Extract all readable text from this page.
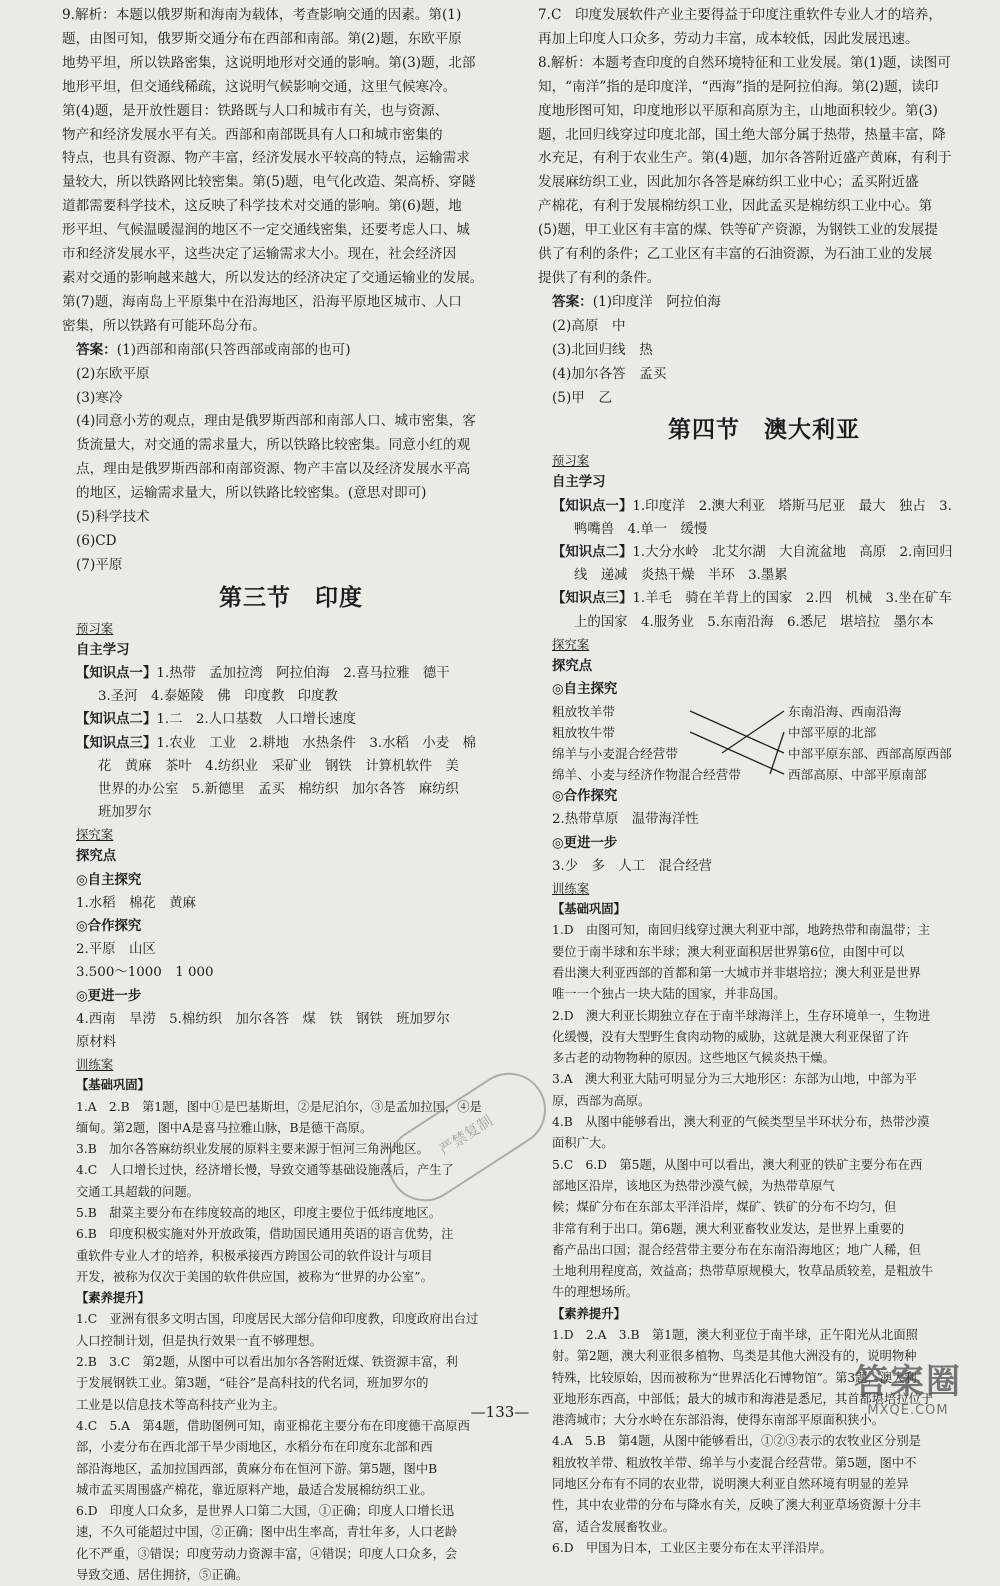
9.解析：本题以俄罗斯和海南为载体，考查影响交通的因素。第(1)

题，由图可知，俄罗斯交通分布在西部和南部。第(2)题，东欧平原

地势平坦，所以铁路密集，这说明地形对交通的影响。第(3)题，北部

地形平坦，但交通线稀疏，这说明气候影响交通，这里气候寒冷。

第(4)题，是开放性题目：铁路既与人口和城市有关，也与资源、

物产和经济发展水平有关。西部和南部既具有人口和城市密集的

特点，也具有资源、物产丰富，经济发展水平较高的特点，运输需求

量较大，所以铁路网比较密集。第(5)题，电气化改造、架高桥、穿隧

道都需要科学技术，这反映了科学技术对交通的影响。第(6)题，地

形平坦、气候温暖湿润的地区不一定交通线密集，还要考虑人口、城

市和经济发展水平，这些决定了运输需求大小。现在，社会经济因

素对交通的影响越来越大，所以发达的经济决定了交通运输业的发展。

第(7)题，海南岛上平原集中在沿海地区，沿海平原地区城市、人口

密集，所以铁路有可能环岛分布。

答案：(1)西部和南部(只答西部或南部的也可)

(2)东欧平原

(3)寒冷

(4)同意小芳的观点，理由是俄罗斯西部和南部人口、城市密集，客

货流量大，对交通的需求量大，所以铁路比较密集。同意小红的观

点，理由是俄罗斯西部和南部资源、物产丰富以及经济发展水平高

的地区，运输需求量大，所以铁路比较密集。(意思对即可)

(5)科学技术

(6)CD

(7)平原

第三节　印度

预习案

自主学习

【知识点一】1.热带　孟加拉湾　阿拉伯海　2.喜马拉雅　德干

3.圣河　4.泰姬陵　佛　印度教　印度教

【知识点二】1.二　2.人口基数　人口增长速度

【知识点三】1.农业　工业　2.耕地　水热条件　3.水稻　小麦　棉

花　黄麻　茶叶　4.纺织业　采矿业　钢铁　计算机软件　美

世界的办公室　5.新德里　孟买　棉纺织　加尔各答　麻纺织

班加罗尔

探究案

探究点

◎自主探究

1.水稻　棉花　黄麻

◎合作探究

2.平原　山区

3.500～1000　1 000

◎更进一步

4.西南　旱涝　5.棉纺织　加尔各答　煤　铁　钢铁　班加罗尔

原材料

训练案

【基础巩固】

1.A　2.B　第1题，图中①是巴基斯坦，②是尼泊尔，③是孟加拉国，④是

缅甸。第2题，图中A是喜马拉雅山脉，B是德干高原。

3.B　加尔各答麻纺织业发展的原料主要来源于恒河三角洲地区。

4.C　人口增长过快，经济增长慢，导致交通等基础设施落后，产生了

交通工具超载的问题。

5.B　甜菜主要分布在纬度较高的地区，印度主要位于低纬度地区。

6.B　印度积极实施对外开放政策，借助国民通用英语的语言优势，注

重软件专业人才的培养，积极承接西方跨国公司的软件设计与项目

开发，被称为仅次于美国的软件供应国，被称为“世界的办公室”。

【素养提升】

1.C　亚洲有很多文明古国，印度居民大部分信仰印度教，印度政府出台过

人口控制计划，但是执行效果一直不够理想。

2.B　3.C　第2题，从图中可以看出加尔各答附近煤、铁资源丰富，利

于发展钢铁工业。第3题，“硅谷”是高科技的代名词，班加罗尔的

工业是以信息技术等高科技产业为主。

4.C　5.A　第4题，借助图例可知，南亚棉花主要分布在印度德干高原西

部，小麦分布在西北部干旱少雨地区，水稻分布在印度东北部和西

部沿海地区，孟加拉国西部，黄麻分布在恒河下游。第5题，图中B

城市孟买周围盛产棉花，靠近原料产地，最适合发展棉纺织工业。

6.D　印度人口众多，是世界人口第二大国，①正确；印度人口增长迅

速，不久可能超过中国，②正确；图中出生率高，青壮年多，人口老龄

化不严重，③错误；印度劳动力资源丰富，④错误；印度人口众多，会

导致交通、居住拥挤，⑤正确。

7.C　印度发展软件产业主要得益于印度注重软件专业人才的培养，

再加上印度人口众多，劳动力丰富，成本较低，因此发展迅速。

8.解析：本题考查印度的自然环境特征和工业发展。第(1)题，读图可

知，“南洋”指的是印度洋，“西海”指的是阿拉伯海。第(2)题，读印

度地形图可知，印度地形以平原和高原为主，山地面积较少。第(3)

题，北回归线穿过印度北部，国土绝大部分属于热带，热量丰富，降

水充足，有利于农业生产。第(4)题，加尔各答附近盛产黄麻，有利于

发展麻纺织工业，因此加尔各答是麻纺织工业中心；孟买附近盛

产棉花，有利于发展棉纺织工业，因此孟买是棉纺织工业中心。第

(5)题，甲工业区有丰富的煤、铁等矿产资源，为钢铁工业的发展提

供了有利的条件；乙工业区有丰富的石油资源，为石油工业的发展

提供了有利的条件。

答案：(1)印度洋　阿拉伯海

(2)高原　中

(3)北回归线　热

(4)加尔各答　孟买

(5)甲　乙

第四节　澳大利亚

预习案

自主学习

【知识点一】1.印度洋　2.澳大利亚　塔斯马尼亚　最大　独占　3.

鸭嘴兽　4.单一　缓慢

【知识点二】1.大分水岭　北艾尔湖　大自流盆地　高原　2.南回归

线　递减　炎热干燥　半环　3.墨累

【知识点三】1.羊毛　骑在羊背上的国家　2.四　机械　3.坐在矿车

上的国家　4.服务业　5.东南沿海　6.悉尼　堪培拉　墨尔本

探究案

探究点

◎自主探究

粗放牧羊带
粗放牧牛带
绵羊与小麦混合经营带
绵羊、小麦与经济作物混合经营带
东南沿海、西南沿海
中部平原的北部
中部平原东部、西部高原西部
西部高原、中部平原南部

◎合作探究

2.热带草原　温带海洋性

◎更进一步

3.少　多　人工　混合经营

训练案

【基础巩固】

1.D　由图可知，南回归线穿过澳大利亚中部，地跨热带和南温带；主

要位于南半球和东半球；澳大利亚面积居世界第6位，由图中可以

看出澳大利亚西部的首都和第一大城市并非堪培拉；澳大利亚是世界

唯一一个独占一块大陆的国家，并非岛国。

2.D　澳大利亚长期独立存在于南半球海洋上，生存环境单一，生物进

化缓慢，没有大型野生食肉动物的威胁，这就是澳大利亚保留了许

多古老的动物物种的原因。这些地区气候炎热干燥。

3.A　澳大利亚大陆可明显分为三大地形区：东部为山地，中部为平

原，西部为高原。

4.B　从图中能够看出，澳大利亚的气候类型呈半环状分布，热带沙漠

面积广大。

5.C　6.D　第5题，从图中可以看出，澳大利亚的铁矿主要分布在西

部地区沿岸，该地区为热带沙漠气候，为热带草原气

候；煤矿分布在东部太平洋沿岸，煤矿、铁矿的分布不均匀，但

非常有利于出口。第6题，澳大利亚畜牧业发达，是世界上重要的

畜产品出口国；混合经营带主要分布在东南沿海地区；地广人稀，但

土地利用程度高，效益高；热带草原规模大，牧草品质较差，是粗放牛

牛的理想场所。

【素养提升】

1.D　2.A　3.B　第1题，澳大利亚位于南半球，正午阳光从北面照

射。第2题，澳大利亚很多植物、鸟类是其他大洲没有的，说明物种

特殊，比较原始，因而被称为“世界活化石博物馆”。第3题，澳大利

亚地形东西高，中部低；最大的城市和海港是悉尼，其首都堪培拉位于

港湾城市；大分水岭在东部沿海，使得东南部平原面积狭小。

4.A　5.B　第4题，从图中能够看出，①②③表示的农牧业区分别是

粗放牧羊带、粗放牧羊带、绵羊与小麦混合经营带。第5题，图中不

同地区分布有不同的农业带，说明澳大利亚自然环境有明显的差异

性，其中农业带的分布与降水有关，反映了澳大利亚草场资源十分丰

富，适合发展畜牧业。

6.D　甲国为日本，工业区主要分布在太平洋沿岸。

严禁复制
—133—
答案圈
MXQE.COM
